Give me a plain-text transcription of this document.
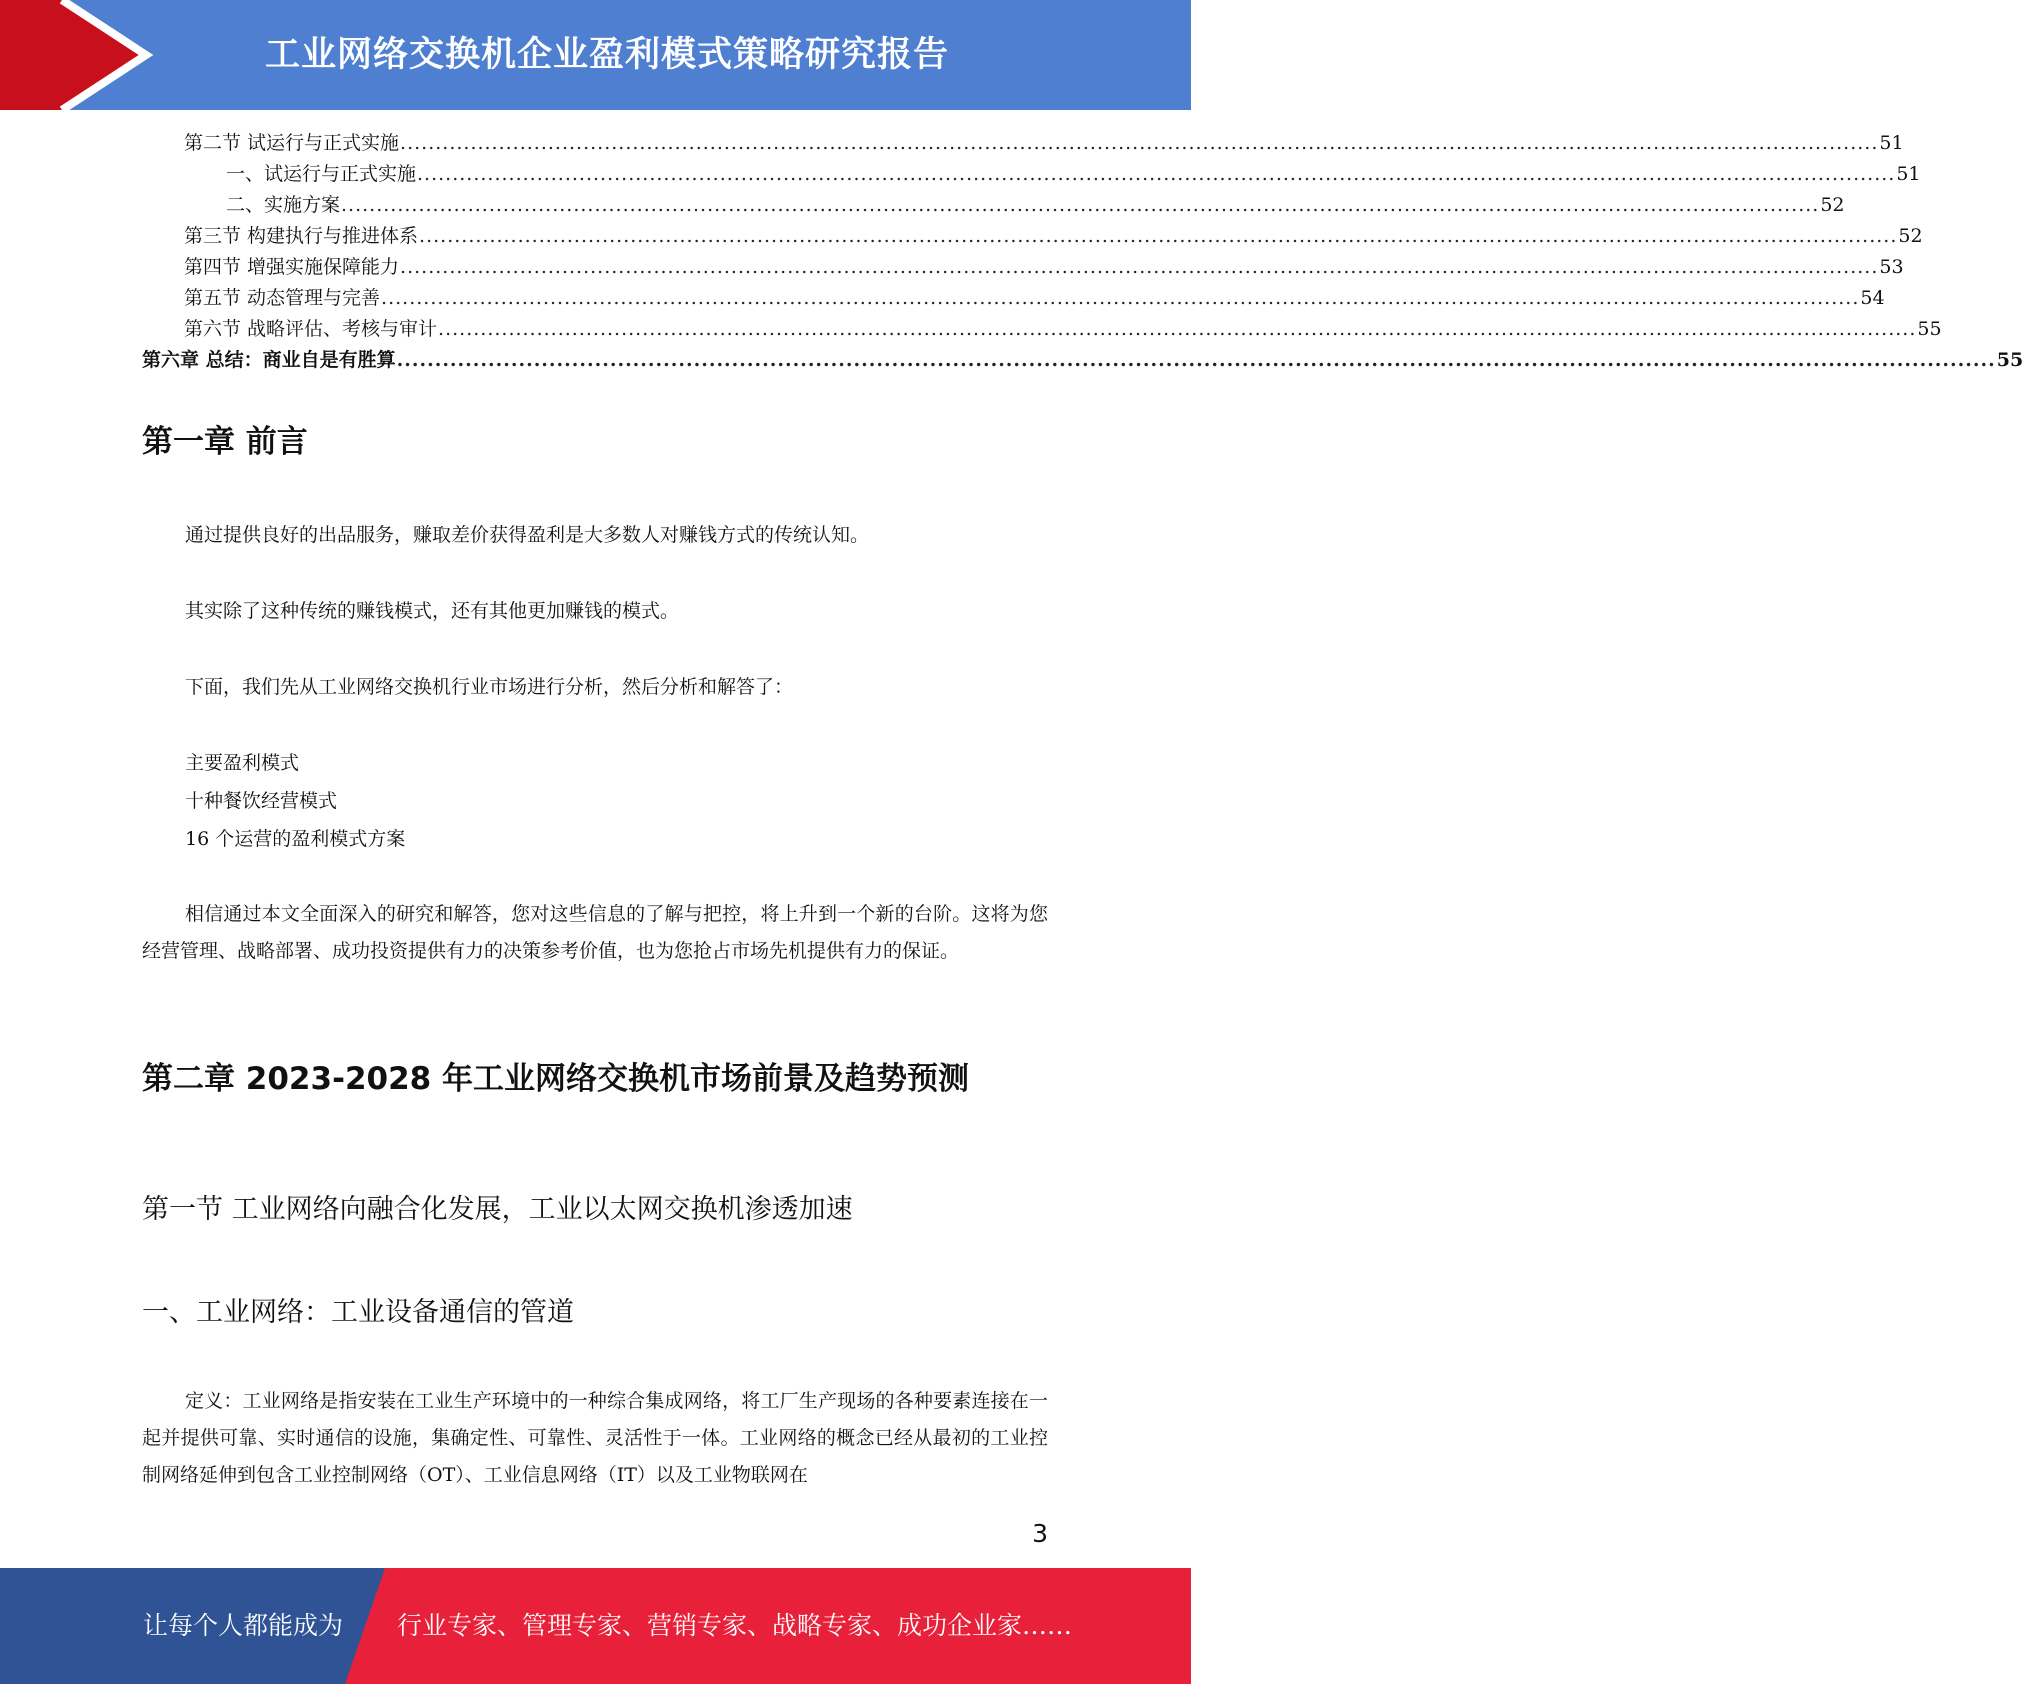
工业网络交换机企业盈利模式策略研究报告
第二节 试运行与正式实施 .................................................................................................................................................................................................................. 51
一、试运行与正式实施 .................................................................................................................................................................................................................. 51
二、实施方案 .................................................................................................................................................................................................................. 52
第三节 构建执行与推进体系 .................................................................................................................................................................................................................. 52
第四节 增强实施保障能力 .................................................................................................................................................................................................................. 53
第五节 动态管理与完善 .................................................................................................................................................................................................................. 54
第六节 战略评估、考核与审计 .................................................................................................................................................................................................................. 55
第六章 总结：商业自是有胜算 .................................................................................................................................................................................................................. 55
第一章 前言
通过提供良好的出品服务，赚取差价获得盈利是大多数人对赚钱方式的传统认知。
其实除了这种传统的赚钱模式，还有其他更加赚钱的模式。
下面，我们先从工业网络交换机行业市场进行分析，然后分析和解答了：
主要盈利模式
十种餐饮经营模式
16 个运营的盈利模式方案
相信通过本文全面深入的研究和解答，您对这些信息的了解与把控，将上升到一个新的台阶。这将为您经营管理、战略部署、成功投资提供有力的决策参考价值，也为您抢占市场先机提供有力的保证。
第二章 2023-2028 年工业网络交换机市场前景及趋势预测
第一节 工业网络向融合化发展，工业以太网交换机渗透加速
一、工业网络：工业设备通信的管道
定义：工业网络是指安装在工业生产环境中的一种综合集成网络，将工厂生产现场的各种要素连接在一起并提供可靠、实时通信的设施，集确定性、可靠性、灵活性于一体。工业网络的概念已经从最初的工业控制网络延伸到包含工业控制网络（OT）、工业信息网络（IT）以及工业物联网在
3
让每个人都能成为 行业专家、管理专家、营销专家、战略专家、成功企业家……
